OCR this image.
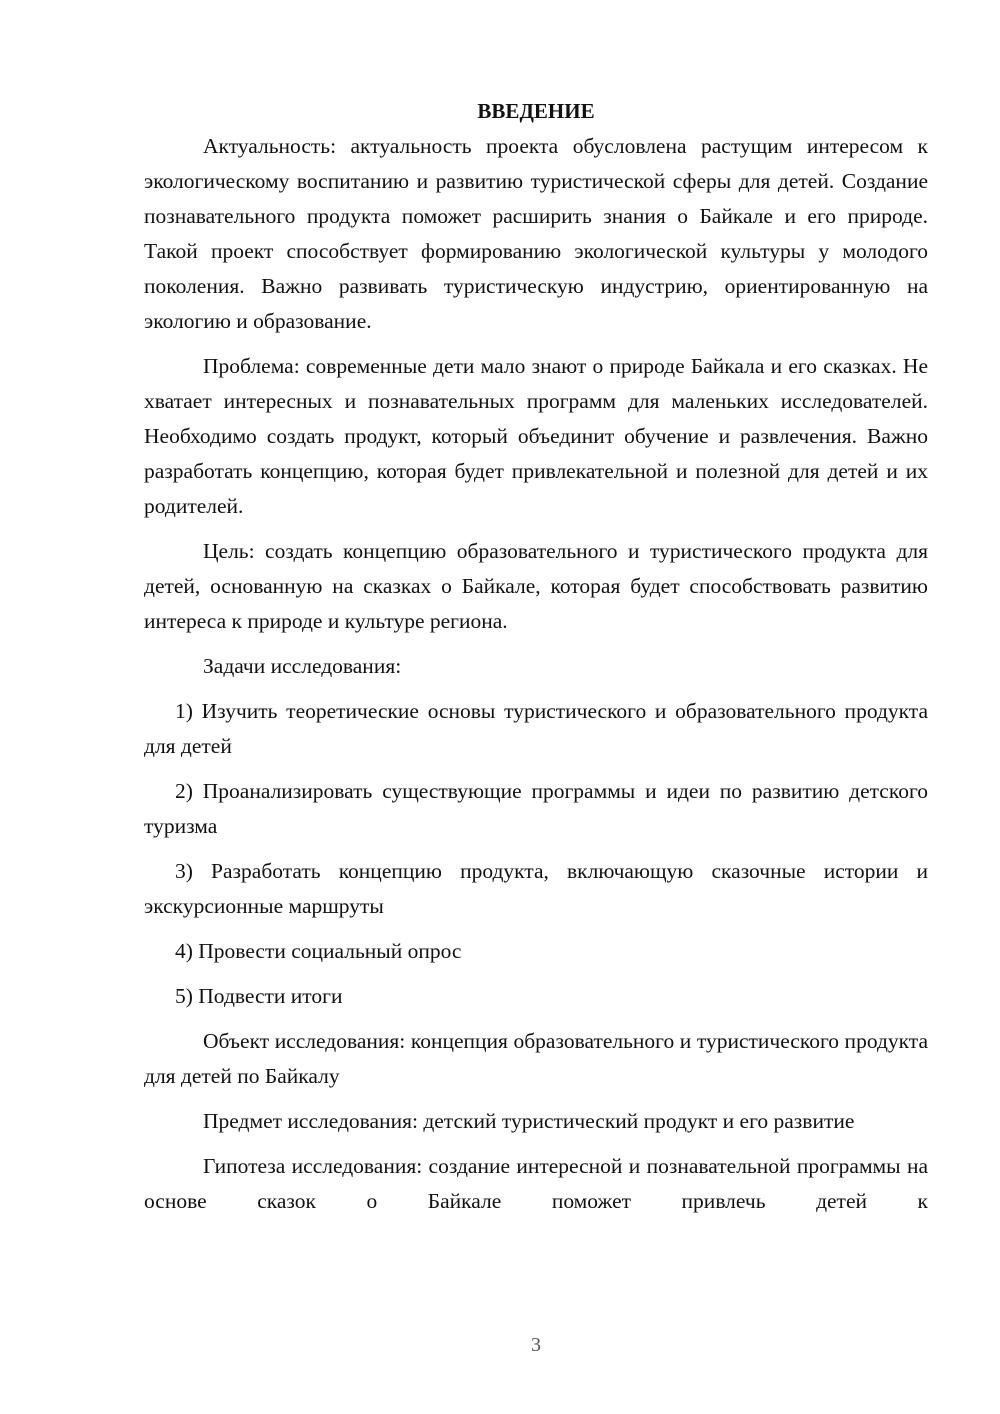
ВВЕДЕНИЕ

Актуальность: актуальность проекта обусловлена растущим интересом к экологическому воспитанию и развитию туристической сферы для детей. Создание познавательного продукта поможет расширить знания о Байкале и его природе. Такой проект способствует формированию экологической культуры у молодого поколения. Важно развивать туристическую индустрию, ориентированную на экологию и образование.

Проблема: современные дети мало знают о природе Байкала и его сказках. Не хватает интересных и познавательных программ для маленьких исследователей. Необходимо создать продукт, который объединит обучение и развлечения. Важно разработать концепцию, которая будет привлекательной и полезной для детей и их родителей.

Цель: создать концепцию образовательного и туристического продукта для детей, основанную на сказках о Байкале, которая будет способствовать развитию интереса к природе и культуре региона.

Задачи исследования:

1) Изучить теоретические основы туристического и образовательного продукта для детей

2) Проанализировать существующие программы и идеи по развитию детского туризма

3) Разработать концепцию продукта, включающую сказочные истории и экскурсионные маршруты

4) Провести социальный опрос

5) Подвести итоги

Объект исследования: концепция образовательного и туристического продукта для детей по Байкалу

Предмет исследования: детский туристический продукт и его развитие

Гипотеза исследования: создание интересной и познавательной программы на основе сказок о Байкале поможет привлечь детей к

3
